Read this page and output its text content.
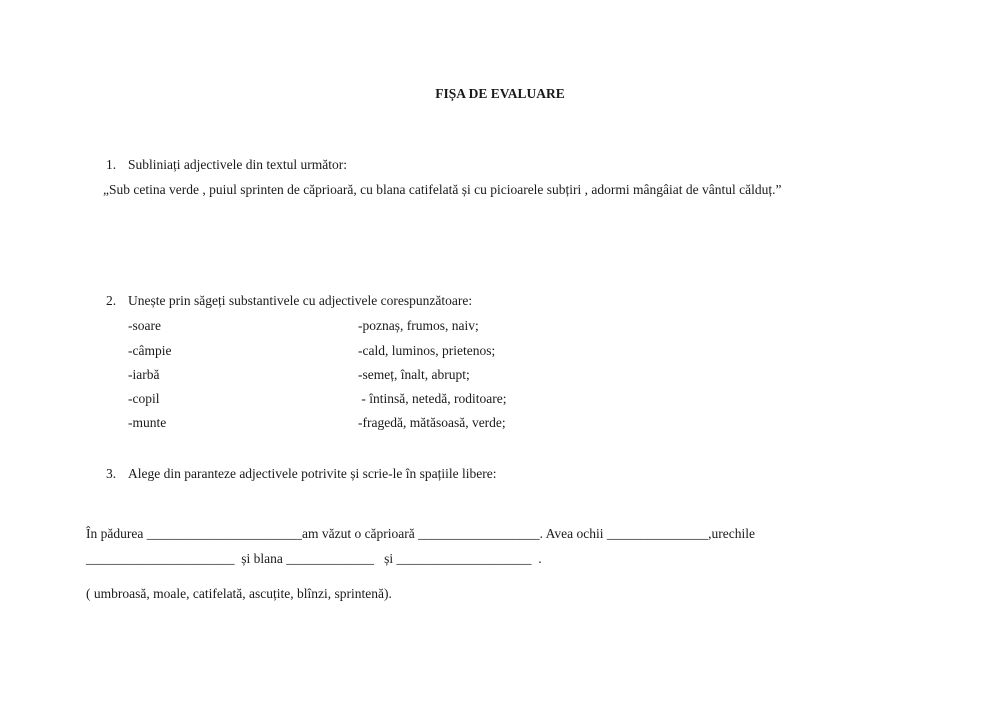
FIȘA DE EVALUARE
1. Subliniați adjectivele din textul următor:
„Sub cetina verde , puiul sprinten de căprioară, cu blana catifelată și cu picioarele subțiri , adormi mângâiat de vântul călduț.”
2. Unește prin săgeți substantivele cu adjectivele corespunzătoare:
-soare	-poznaș, frumos, naiv;
-câmpie	-cald, luminos, prietenos;
-iarbă	-semeț, înalt, abrupt;
-copil	- întinsă, netedă, roditoare;
-munte	-fragedă, mătăsoasă, verde;
3. Alege din paranteze adjectivele potrivite și scrie-le în spațiile libere:
În pădurea _______________________am văzut o căprioară __________________. Avea ochii _______________,urechile
______________________  și blana _____________   și ____________________  .
( umbroasă, moale, catifelată, ascuțite, blînzi, sprintenă).
